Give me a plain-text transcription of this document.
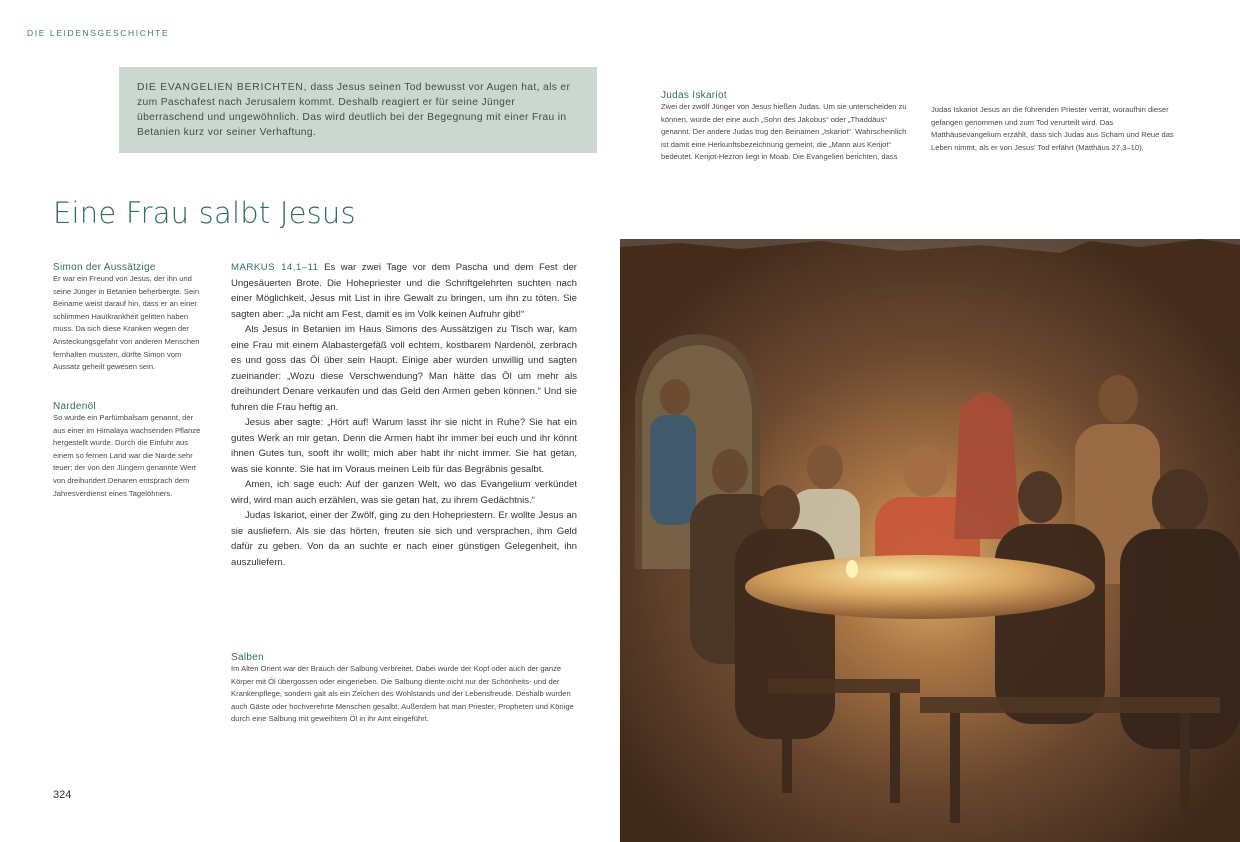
DIE LEIDENSGESCHICHTE
DIE EVANGELIEN BERICHTEN, dass Jesus seinen Tod bewusst vor Augen hat, als er zum Paschafest nach Jerusalem kommt. Deshalb reagiert er für seine Jünger überraschend und ungewöhnlich. Das wird deutlich bei der Begegnung mit einer Frau in Betanien kurz vor seiner Verhaftung.
Judas Iskariot
Zwei der zwölf Jünger von Jesus hießen Judas. Um sie unterscheiden zu können, wurde der eine auch „Sohn des Jakobus“ oder „Thaddäus“ genannt. Der andere Judas trug den Beinamen „Iskariot“. Wahrscheinlich ist damit eine Herkunftsbezeichnung gemeint, die „Mann aus Kerijot“ bedeutet. Kerijot-Hezron liegt in Moab. Die Evangelien berichten, dass
Judas Iskariot Jesus an die führenden Priester verrät, woraufhin dieser gefangen genommen und zum Tod verurteilt wird. Das Matthäusevangelium erzählt, dass sich Judas aus Scham und Reue das Leben nimmt, als er von Jesus’ Tod erfährt (Matthäus 27,3–10).
Eine Frau salbt Jesus
Simon der Aussätzige
Er war ein Freund von Jesus, der ihn und seine Jünger in Betanien beherbergte. Sein Beiname weist darauf hin, dass er an einer schlimmen Hautkrankheit gelitten haben muss. Da sich diese Kranken wegen der Ansteckungsgefahr von anderen Menschen fernhalten mussten, dürfte Simon vom Aussatz geheilt gewesen sein.
Nardenöl
So wurde ein Parfümbalsam genannt, der aus einer im Himalaya wachsenden Pflanze hergestellt wurde. Durch die Einfuhr aus einem so fernen Land war die Narde sehr teuer; der von den Jüngern genannte Wert von dreihundert Denaren entsprach dem Jahresverdienst eines Tagelöhners.

MARKUS 14,1–11 Es war zwei Tage vor dem Pascha und dem Fest der Ungesäuerten Brote. Die Hohepriester und die Schriftgelehrten suchten nach einer Möglichkeit, Jesus mit List in ihre Gewalt zu bringen, um ihn zu töten. Sie sagten aber: „Ja nicht am Fest, damit es im Volk keinen Aufruhr gibt!“

Als Jesus in Betanien im Haus Simons des Aussätzigen zu Tisch war, kam eine Frau mit einem Alabastergefäß voll echtem, kostbarem Nardenöl, zerbrach es und goss das Öl über sein Haupt. Einige aber wurden unwillig und sagten zueinander: „Wozu diese Verschwendung? Man hätte das Öl um mehr als dreihundert Denare verkaufen und das Geld den Armen geben können.“ Und sie fuhren die Frau heftig an.

Jesus aber sagte: „Hört auf! Warum lasst ihr sie nicht in Ruhe? Sie hat ein gutes Werk an mir getan. Denn die Armen habt ihr immer bei euch und ihr könnt ihnen Gutes tun, sooft ihr wollt; mich aber habt ihr nicht immer. Sie hat getan, was sie konnte. Sie hat im Voraus meinen Leib für das Begräbnis gesalbt.

Amen, ich sage euch: Auf der ganzen Welt, wo das Evangelium verkündet wird, wird man auch erzählen, was sie getan hat, zu ihrem Gedächtnis.“

Judas Iskariot, einer der Zwölf, ging zu den Hohepriestern. Er wollte Jesus an sie ausliefern. Als sie das hörten, freuten sie sich und versprachen, ihm Geld dafür zu geben. Von da an suchte er nach einer günstigen Gelegenheit, ihn auszuliefern.

Salben
Im Alten Orient war der Brauch der Salbung verbreitet. Dabei wurde der Kopf oder auch der ganze Körper mit Öl übergossen oder eingerieben. Die Salbung diente nicht nur der Schönheits- und der Krankenpflege, sondern galt als ein Zeichen des Wohlstands und der Lebensfreude. Deshalb wurden auch Gäste oder hochverehrte Menschen gesalbt. Außerdem hat man Priester, Propheten und Könige durch eine Salbung mit geweihtem Öl in ihr Amt eingeführt.
324
